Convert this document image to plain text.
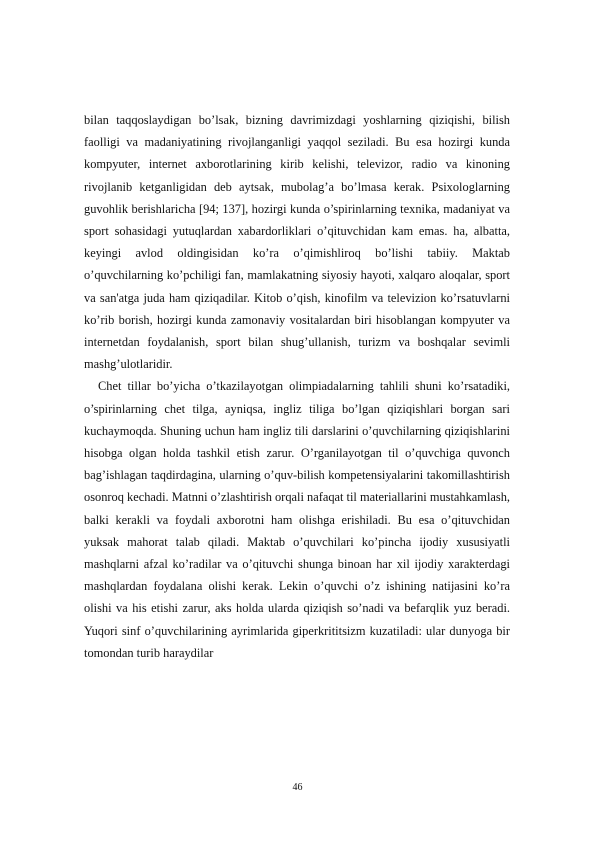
bilan taqqoslaydigan bo’lsak, bizning davrimizdagi yoshlarning qiziqishi, bilish faolligi va madaniyatining rivojlanganligi yaqqol seziladi. Bu esa hozirgi kunda kompyuter, internet axborotlarining kirib kelishi, televizor, radio va kinoning rivojlanib ketganligidan deb aytsak, mubolag’a bo’lmasa kerak. Psixologlarning guvohlik berishlaricha [94; 137], hozirgi kunda o’spirinlarning texnika, madaniyat va sport sohasidagi yutuqlardan xabardorliklari o’qituvchidan kam emas. ha, albatta, keyingi avlod oldingisidan ko’ra o’qimishliroq bo’lishi tabiiy. Maktab o’quvchilarning ko’pchiligi fan, mamlakatning siyosiy hayoti, xalqaro aloqalar, sport va san'atga juda ham qiziqadilar. Kitob o’qish, kinofilm va televizion ko’rsatuvlarni ko’rib borish, hozirgi kunda zamonaviy vositalardan biri hisoblangan kompyuter va internetdan foydalanish, sport bilan shug’ullanish, turizm va boshqalar sevimli mashg’ulotlaridir.

Chet tillar bo’yicha o’tkazilayotgan olimpiadalarning tahlili shuni ko’rsatadiki, o’spirinlarning chet tilga, ayniqsa, ingliz tiliga bo’lgan qiziqishlari borgan sari kuchaymoqda. Shuning uchun ham ingliz tili darslarini o’quvchilarning qiziqishlarini hisobga olgan holda tashkil etish zarur. O’rganilayotgan til o’quvchiga quvonch bag’ishlagan taqdirdagina, ularning o’quv-bilish kompetensiyalarini takomillashtirish osonroq kechadi. Matnni o’zlashtirish orqali nafaqat til materiallarini mustahkamlash, balki kerakli va foydali axborotni ham olishga erishiladi. Bu esa o’qituvchidan yuksak mahorat talab qiladi. Maktab o’quvchilari ko’pincha ijodiy xususiyatli mashqlarni afzal ko’radilar va o’qituvchi shunga binoan har xil ijodiy xarakterdagi mashqlardan foydalana olishi kerak. Lekin o’quvchi o’z ishining natijasini ko’ra olishi va his etishi zarur, aks holda ularda qiziqish so’nadi va befarqlik yuz beradi. Yuqori sinf o’quvchilarining ayrimlarida giperkrititsizm kuzatiladi: ular dunyoga bir tomondan turib haraydilar

46
